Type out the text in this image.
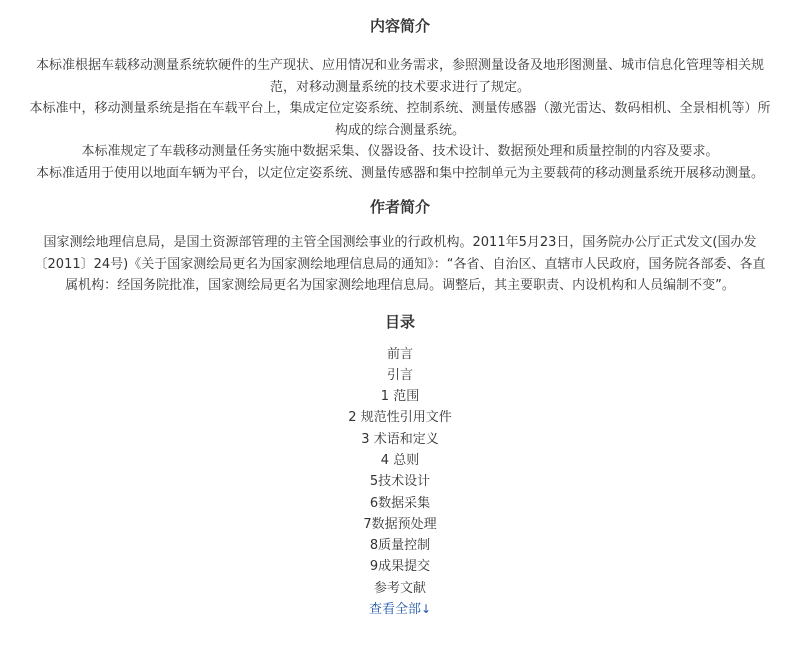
内容简介

本标准根据车载移动测量系统软硬件的生产现状、应用情况和业务需求，参照测量设备及地形图测量、城市信息化管理等相关规

范，对移动测量系统的技术要求进行了规定。

本标准中，移动测量系统是指在车载平台上，集成定位定姿系统、控制系统、测量传感器（激光雷达、数码相机、全景相机等）所

构成的综合测量系统。

本标准规定了车载移动测量任务实施中数据采集、仪器设备、技术设计、数据预处理和质量控制的内容及要求。

本标准适用于使用以地面车辆为平台，以定位定姿系统、测量传感器和集中控制单元为主要载荷的移动测量系统开展移动测量。

作者简介

国家测绘地理信息局，是国土资源部管理的主管全国测绘事业的行政机构。2011年5月23日，国务院办公厅正式发文(国办发

〔2011〕24号)《关于国家测绘局更名为国家测绘地理信息局的通知》：“各省、自治区、直辖市人民政府，国务院各部委、各直

属机构：经国务院批准，国家测绘局更名为国家测绘地理信息局。调整后，其主要职责、内设机构和人员编制不变”。

目录

前言

引言

1 范围

2 规范性引用文件

3 术语和定义

4 总则

5技术设计

6数据采集

7数据预处理

8质量控制

9成果提交

参考文献

查看全部↓
